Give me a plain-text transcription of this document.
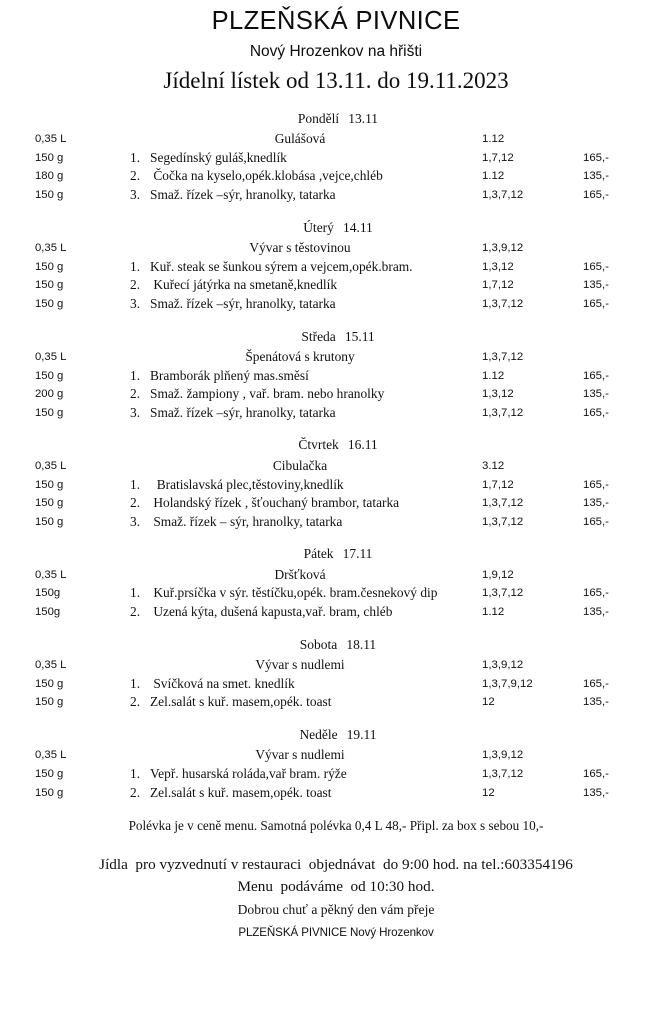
PLZEŇSKÁ PIVNICE
Nový Hrozenkov na hřišti
Jídelní lístek od 13.11. do 19.11.2023
Pondělí 13.11
0,35 L	Gulášová	1.12
150 g	1. Segedínský guláš,knedlík	1,7,12	165,-
180 g	2. Čočka na kyselo,opék.klobása ,vejce,chléb	1.12	135,-
150 g	3. Smaž. řízek –sýr, hranolky, tatarka	1,3,7,12	165,-
Úterý 14.11
0,35 L	Vývar s těstovinou	1,3,9,12
150 g	1. Kuř. steak se šunkou sýrem a vejcem,opék.bram.	1,3,12	165,-
150 g	2. Kuřecí játýrka na smetaně,knedlík	1,7,12	135,-
150 g	3. Smaž. řízek –sýr, hranolky, tatarka	1,3,7,12	165,-
Středa 15.11
0,35 L	Špenátová s krutony	1,3,7,12
150 g	1. Bramborák plňený mas.směsí	1.12	165,-
200 g	2. Smaž. žampiony , vař. bram. nebo hranolky	1,3,12	135,-
150 g	3. Smaž. řízek –sýr, hranolky, tatarka	1,3,7,12	165,-
Čtvrtek 16.11
0,35 L	Cibulačka	3.12
150 g	1.  Bratislavská plec,těstoviny,knedlík	1,7,12	165,-
150 g	2. Holandský řízek , šťouchaný brambor, tatarka	1,3,7,12	135,-
150 g	3. Smaž. řízek – sýr, hranolky, tatarka	1,3,7,12	165,-
Pátek 17.11
0,35 L	Dršťková	1,9,12
150g	1. Kuř.prsíčka v sýr. těstíčku,opék. bram.česnekový dip	1,3,7,12	165,-
150g	2. Uzená kýta, dušená kapusta,vař. bram, chléb	1.12	135,-
Sobota 18.11
0,35 L	Vývar s nudlemi	1,3,9,12
150 g	1. Svíčková na smet. knedlík	1,3,7,9,12	165,-
150 g	2. Zel.salát s kuř. masem,opék. toast	12	135,-
Neděle 19.11
0,35 L	Vývar s nudlemi	1,3,9,12
150 g	1. Vepř. husarská roláda,vař bram. rýže	1,3,7,12	165,-
150 g	2. Zel.salát s kuř. masem,opék. toast	12	135,-
Polévka je v ceně menu. Samotná polévka 0,4 L 48,- Připl. za box s sebou 10,-
Jídla  pro vyzvednutí v restauraci  objednávat  do 9:00 hod. na tel.:603354196
Menu  podáváme  od 10:30 hod.
Dobrou chuť a pěkný den vám přeje
PLZEŇSKÁ PIVNICE Nový Hrozenkov
